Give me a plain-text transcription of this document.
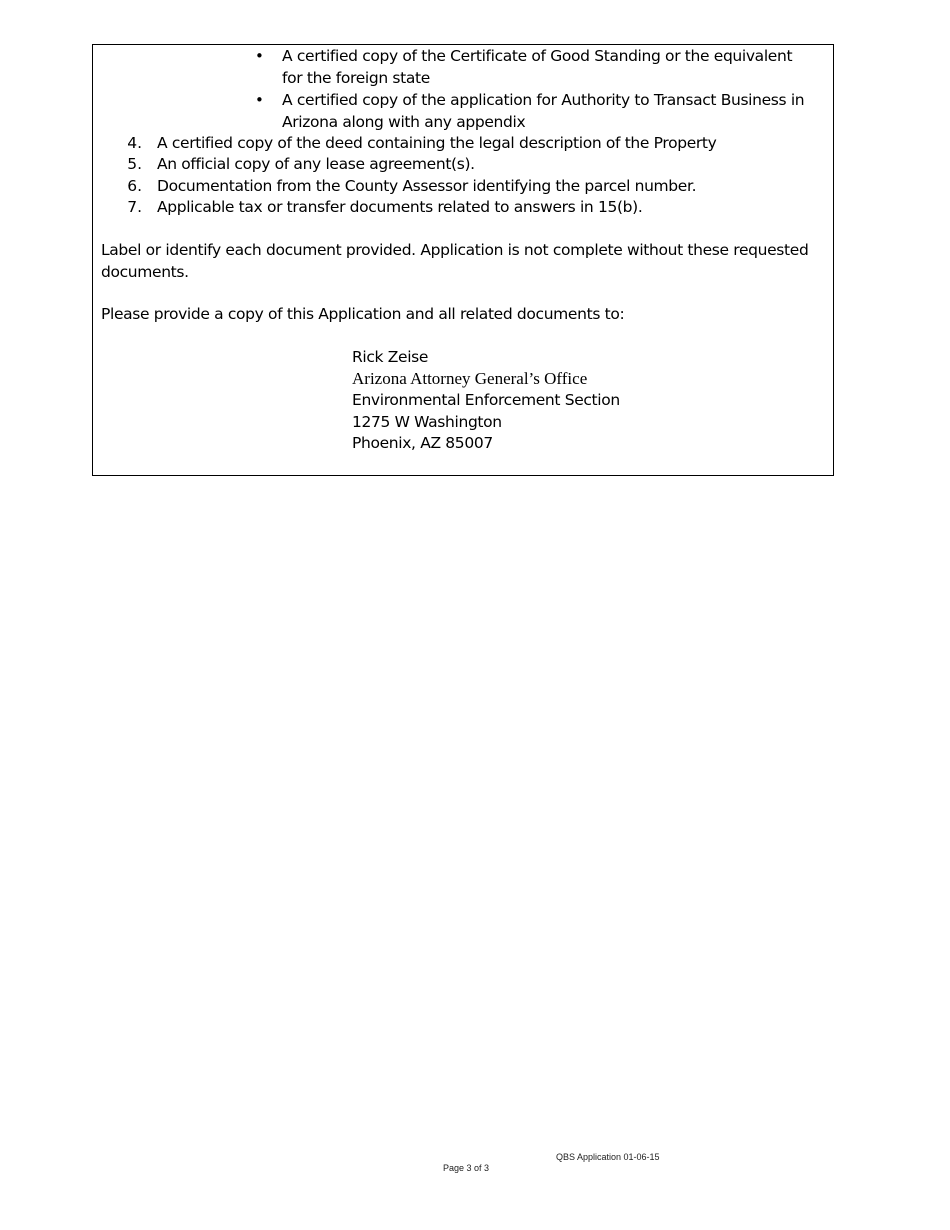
• A certified copy of the Certificate of Good Standing or the equivalent
for the foreign state
• A certified copy of the application for Authority to Transact Business in
Arizona along with any appendix
4. A certified copy of the deed containing the legal description of the Property
5. An official copy of any lease agreement(s).
6. Documentation from the County Assessor identifying the parcel number.
7. Applicable tax or transfer documents related to answers in 15(b).
Label or identify each document provided. Application is not complete without these requested
documents.
Please provide a copy of this Application and all related documents to:
Rick Zeise
Arizona Attorney General’s Office
Environmental Enforcement Section
1275 W Washington
Phoenix, AZ 85007
QBS Application 01-06-15
Page 3 of 3
